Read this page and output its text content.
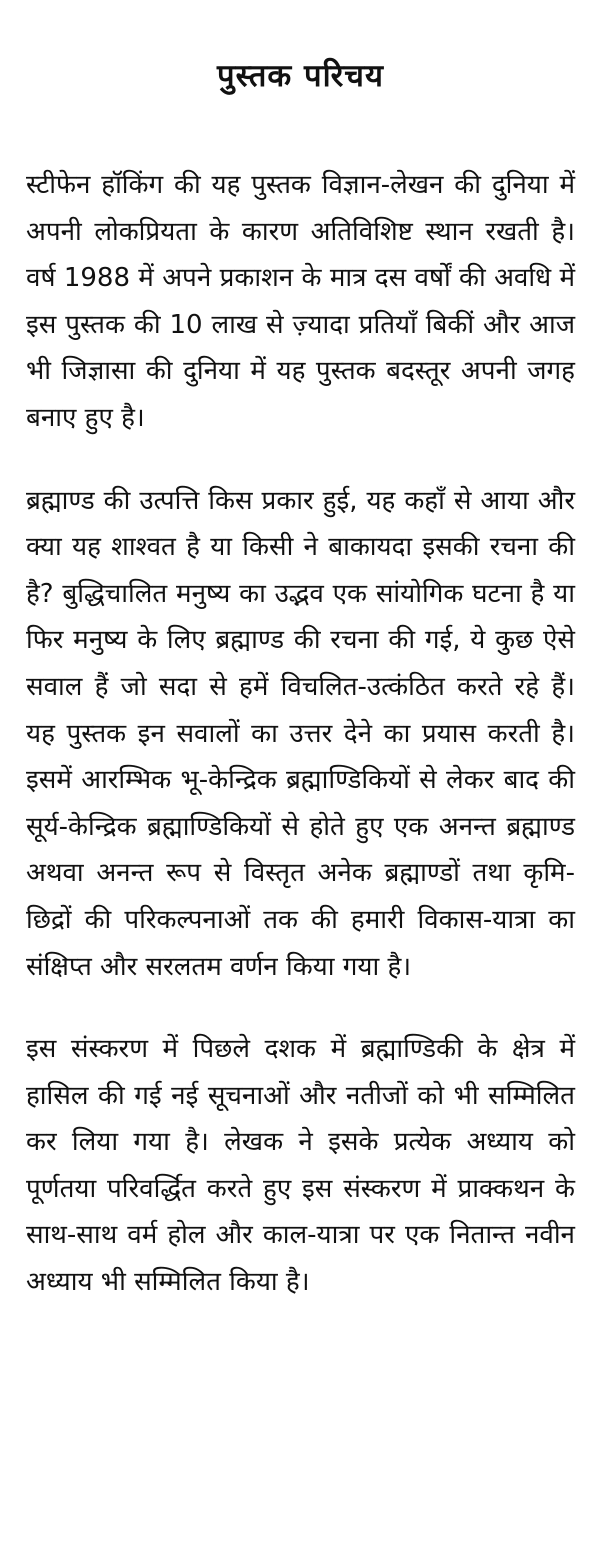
पुस्तक परिचय

स्टीफेन हॉकिंग की यह पुस्तक विज्ञान-लेखन की दुनिया में अपनी लोकप्रियता के कारण अतिविशिष्ट स्थान रखती है। वर्ष 1988 में अपने प्रकाशन के मात्र दस वर्षों की अवधि में इस पुस्तक की 10 लाख से ज़्यादा प्रतियाँ बिकीं और आज भी जिज्ञासा की दुनिया में यह पुस्तक बदस्तूर अपनी जगह बनाए हुए है।

ब्रह्माण्ड की उत्पत्ति किस प्रकार हुई, यह कहाँ से आया और क्या यह शाश्वत है या किसी ने बाकायदा इसकी रचना की है? बुद्धिचालित मनुष्य का उद्भव एक सांयोगिक घटना है या फिर मनुष्य के लिए ब्रह्माण्ड की रचना की गई, ये कुछ ऐसे सवाल हैं जो सदा से हमें विचलित-उत्कंठित करते रहे हैं। यह पुस्तक इन सवालों का उत्तर देने का प्रयास करती है। इसमें आरम्भिक भू-केन्द्रिक ब्रह्माण्डिकियों से लेकर बाद की सूर्य-केन्द्रिक ब्रह्माण्डिकियों से होते हुए एक अनन्त ब्रह्माण्ड अथवा अनन्त रूप से विस्तृत अनेक ब्रह्माण्डों तथा कृमि-छिद्रों की परिकल्पनाओं तक की हमारी विकास-यात्रा का संक्षिप्त और सरलतम वर्णन किया गया है।

इस संस्करण में पिछले दशक में ब्रह्माण्डिकी के क्षेत्र में हासिल की गई नई सूचनाओं और नतीजों को भी सम्मिलित कर लिया गया है। लेखक ने इसके प्रत्येक अध्याय को पूर्णतया परिवर्द्धित करते हुए इस संस्करण में प्राक्कथन के साथ-साथ वर्म होल और काल-यात्रा पर एक नितान्त नवीन अध्याय भी सम्मिलित किया है।
